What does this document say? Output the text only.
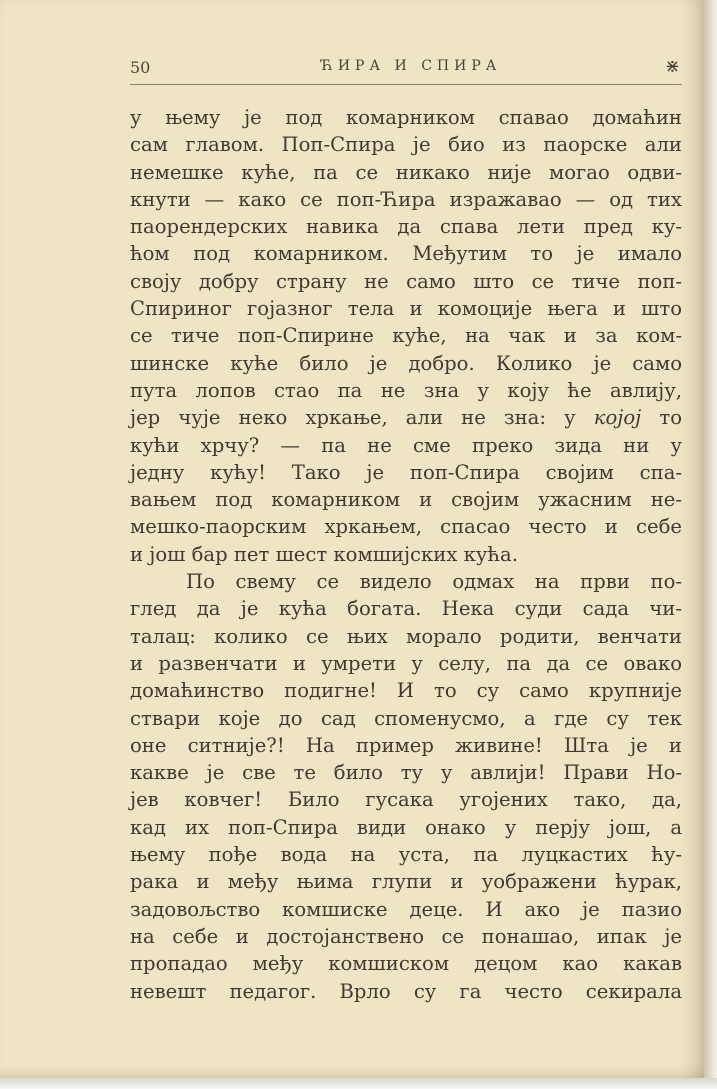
50	ЋИРА И СПИРА	⋇
у њему је под комарником спавао домаћин
сам главом. Поп-Спира је био из паорске али
немешке куће, па се никако није могао одви-
кнути — како се поп-Ћира изражавао — од тих
паорендерских навика да спава лети пред ку-
ћом под комарником. Међутим то је имало
своју добру страну не само што се тиче поп-
Спириног гојазног тела и комоције њега и што
се тиче поп-Спирине куће, на чак и за ком-
шинске куће било је добро. Колико је само
пута лопов стао па не зна у коју ће авлију,
јер чује неко хркање, али не зна: у којој то
кући хрчу? — па не сме преко зида ни у
једну кућу! Тако је поп-Спира својим спа-
вањем под комарником и својим ужасним не-
мешко-паорским хркањем, спасао често и себе
и још бар пет шест комшијских кућа.
По свему се видело одмах на први по-
глед да је кућа богата. Нека суди сада чи-
талац: колико се њих морало родити, венчати
и развенчати и умрети у селу, па да се овако
домаћинство подигне! И то су само крупније
ствари које до сад споменусмо, а где су тек
оне ситније?! На пример живине! Шта је и
какве је све те било ту у авлији! Прави Но-
јев ковчег! Било гусака угојених тако, да,
кад их поп-Спира види онако у перју још, а
њему пође вода на уста, па луцкастих ћу-
рака и међу њима глупи и уображени ћурак,
задовољство комшиске деце. И ако је пазио
на себе и достојанствено се понашао, ипак је
пропадао међу комшиском децом као какав
невешт педагог. Врло су га често секирала
